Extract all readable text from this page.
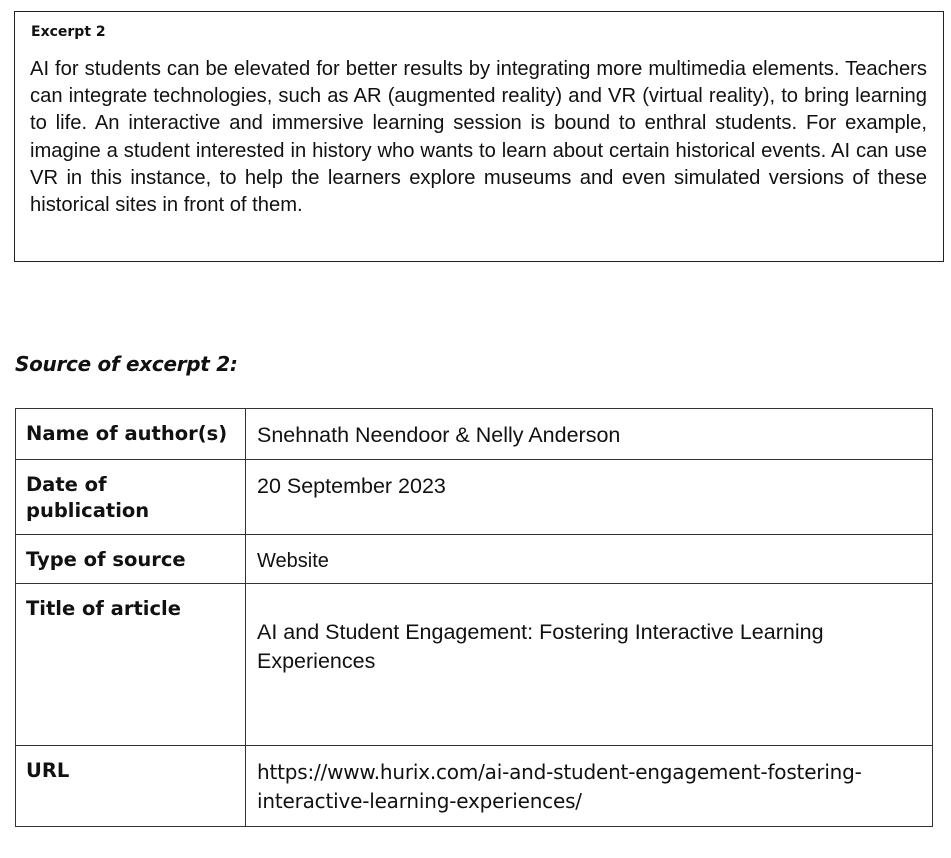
Excerpt 2

AI for students can be elevated for better results by integrating more multimedia elements. Teachers can integrate technologies, such as AR (augmented reality) and VR (virtual reality), to bring learning to life. An interactive and immersive learning session is bound to enthral students. For example, imagine a student interested in history who wants to learn about certain historical events. AI can use VR in this instance, to help the learners explore museums and even simulated versions of these historical sites in front of them.

Source of excerpt 2:
Name of author(s)	Snehnath Neendoor & Nelly Anderson
Date of publication	20 September 2023
Type of source	Website
Title of article	AI and Student Engagement: Fostering Interactive Learning Experiences

URL	https://www.hurix.com/ai-and-student-engagement-fostering-interactive-learning-experiences/
